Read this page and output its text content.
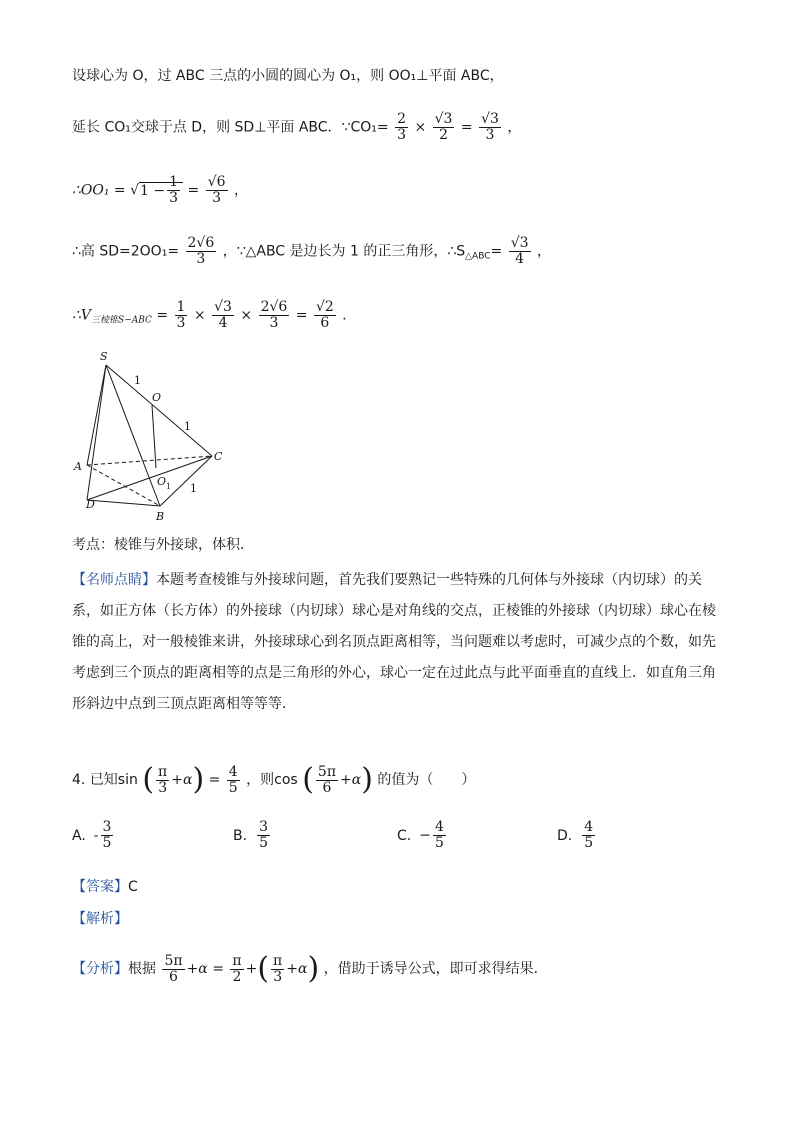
设球心为 O，过 ABC 三点的小圆的圆心为 O₁，则 OO₁⊥平面 ABC，
延长 CO₁交球于点 D，则 SD⊥平面 ABC．∵CO₁= $\frac{2}{3} \times \frac{√3}{2} = \frac{√3}{3}$ ，
∴OO₁ = $√1 - \frac{1}{3} = \frac{√6}{3}$ ，
∴高 $SD=2OO_1= \frac{2√6}{3}$ ，∵△ABC 是边长为 1 的正三角形，$\therefore S_{\triangle ABC}= \frac{√3}{4}$ ，
$\therefore V_{三棱锥S-ABC} = \frac{1}{3} \times \frac{√3}{4} \times \frac{2√6}{3} = \frac{√2}{6}$ ．
S
O
C
A
D
B
O 1
1
1
1
考点：棱锥与外接球，体积．
【名师点睛】本题考查棱锥与外接球问题，首先我们要熟记一些特殊的几何体与外接球（内切球）的关系，如正方体（长方体）的外接球（内切球）球心是对角线的交点，正棱锥的外接球（内切球）球心在棱锥的高上，对一般棱锥来讲，外接球球心到名顶点距离相等，当问题难以考虑时，可减少点的个数，如先考虑到三个顶点的距离相等的点是三角形的外心，球心一定在过此点与此平面垂直的直线上．如直角三角形斜边中点到三顶点距离相等等等．
4. 已知sin ( $\frac{\pi}{3} +\alpha) = \frac{4}{5}$ ，则cos ( $\frac{5\pi}{6} +\alpha$) 的值为（　　）
A. - $\frac{3}{5}$	B. $\frac{3}{5}$	C. − $\frac{4}{5}$	D. $\frac{4}{5}$
【答案】C
【解析】
【分析】根据 $\frac{5\pi}{6} +\alpha = \frac{\pi}{2}$ +( $\frac{\pi}{3} +\alpha$) ，借助于诱导公式，即可求得结果．
